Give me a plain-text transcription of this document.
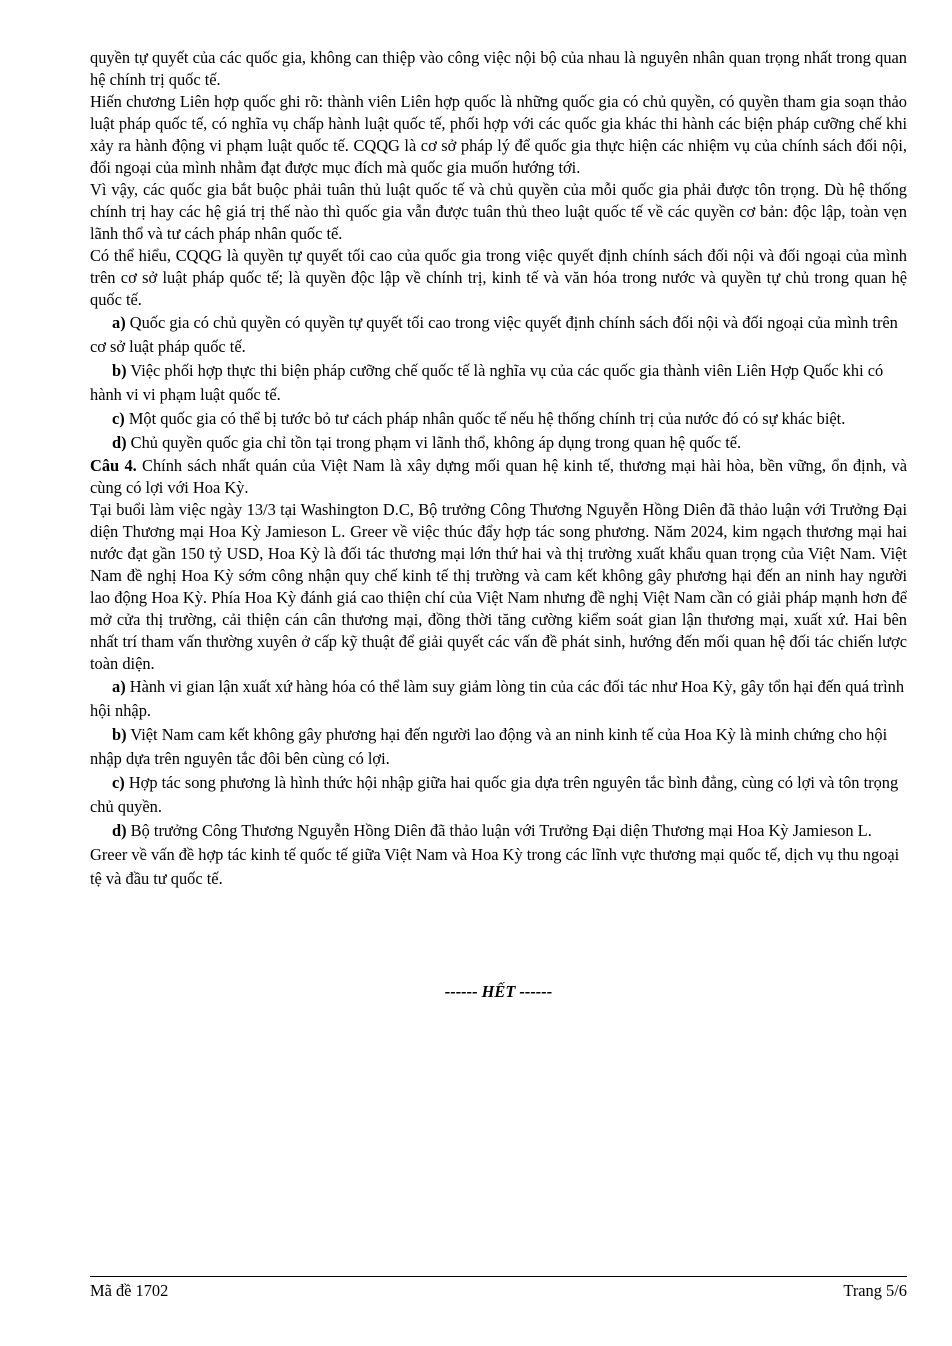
quyền tự quyết của các quốc gia, không can thiệp vào công việc nội bộ của nhau là nguyên nhân quan trọng nhất trong quan hệ chính trị quốc tế.

Hiến chương Liên hợp quốc ghi rõ: thành viên Liên hợp quốc là những quốc gia có chủ quyền, có quyền tham gia soạn thảo luật pháp quốc tế, có nghĩa vụ chấp hành luật quốc tế, phối hợp với các quốc gia khác thi hành các biện pháp cưỡng chế khi xảy ra hành động vi phạm luật quốc tế. CQQG là cơ sở pháp lý để quốc gia thực hiện các nhiệm vụ của chính sách đối nội, đối ngoại của mình nhằm đạt được mục đích mà quốc gia muốn hướng tới.

Vì vậy, các quốc gia bắt buộc phải tuân thủ luật quốc tế và chủ quyền của mỗi quốc gia phải được tôn trọng. Dù hệ thống chính trị hay các hệ giá trị thế nào thì quốc gia vẫn được tuân thủ theo luật quốc tế về các quyền cơ bản: độc lập, toàn vẹn lãnh thổ và tư cách pháp nhân quốc tế.

Có thể hiểu, CQQG là quyền tự quyết tối cao của quốc gia trong việc quyết định chính sách đối nội và đối ngoại của mình trên cơ sở luật pháp quốc tế; là quyền độc lập về chính trị, kinh tế và văn hóa trong nước và quyền tự chủ trong quan hệ quốc tế.

a) Quốc gia có chủ quyền có quyền tự quyết tối cao trong việc quyết định chính sách đối nội và đối ngoại của mình trên cơ sở luật pháp quốc tế.

b) Việc phối hợp thực thi biện pháp cưỡng chế quốc tế là nghĩa vụ của các quốc gia thành viên Liên Hợp Quốc khi có hành vi vi phạm luật quốc tế.

c) Một quốc gia có thể bị tước bỏ tư cách pháp nhân quốc tế nếu hệ thống chính trị của nước đó có sự khác biệt.

d) Chủ quyền quốc gia chỉ tồn tại trong phạm vi lãnh thổ, không áp dụng trong quan hệ quốc tế.

Câu 4. Chính sách nhất quán của Việt Nam là xây dựng mối quan hệ kinh tế, thương mại hài hòa, bền vững, ổn định, và cùng có lợi với Hoa Kỳ.

Tại buổi làm việc ngày 13/3 tại Washington D.C, Bộ trưởng Công Thương Nguyễn Hồng Diên đã thảo luận với Trưởng Đại diện Thương mại Hoa Kỳ Jamieson L. Greer về việc thúc đẩy hợp tác song phương. Năm 2024, kim ngạch thương mại hai nước đạt gần 150 tỷ USD, Hoa Kỳ là đối tác thương mại lớn thứ hai và thị trường xuất khẩu quan trọng của Việt Nam. Việt Nam đề nghị Hoa Kỳ sớm công nhận quy chế kinh tế thị trường và cam kết không gây phương hại đến an ninh hay người lao động Hoa Kỳ. Phía Hoa Kỳ đánh giá cao thiện chí của Việt Nam nhưng đề nghị Việt Nam cần có giải pháp mạnh hơn để mở cửa thị trường, cải thiện cán cân thương mại, đồng thời tăng cường kiểm soát gian lận thương mại, xuất xứ. Hai bên nhất trí tham vấn thường xuyên ở cấp kỹ thuật để giải quyết các vấn đề phát sinh, hướng đến mối quan hệ đối tác chiến lược toàn diện.

a) Hành vi gian lận xuất xứ hàng hóa có thể làm suy giảm lòng tin của các đối tác như Hoa Kỳ, gây tổn hại đến quá trình hội nhập.

b) Việt Nam cam kết không gây phương hại đến người lao động và an ninh kinh tế của Hoa Kỳ là minh chứng cho hội nhập dựa trên nguyên tắc đôi bên cùng có lợi.

c) Hợp tác song phương là hình thức hội nhập giữa hai quốc gia dựa trên nguyên tắc bình đẳng, cùng có lợi và tôn trọng chủ quyền.

d) Bộ trưởng Công Thương Nguyễn Hồng Diên đã thảo luận với Trưởng Đại diện Thương mại Hoa Kỳ Jamieson L. Greer về vấn đề hợp tác kinh tế quốc tế giữa Việt Nam và Hoa Kỳ trong các lĩnh vực thương mại quốc tế, dịch vụ thu ngoại tệ và đầu tư quốc tế.

------ HẾT ------
Mã đề 1702	Trang 5/6
